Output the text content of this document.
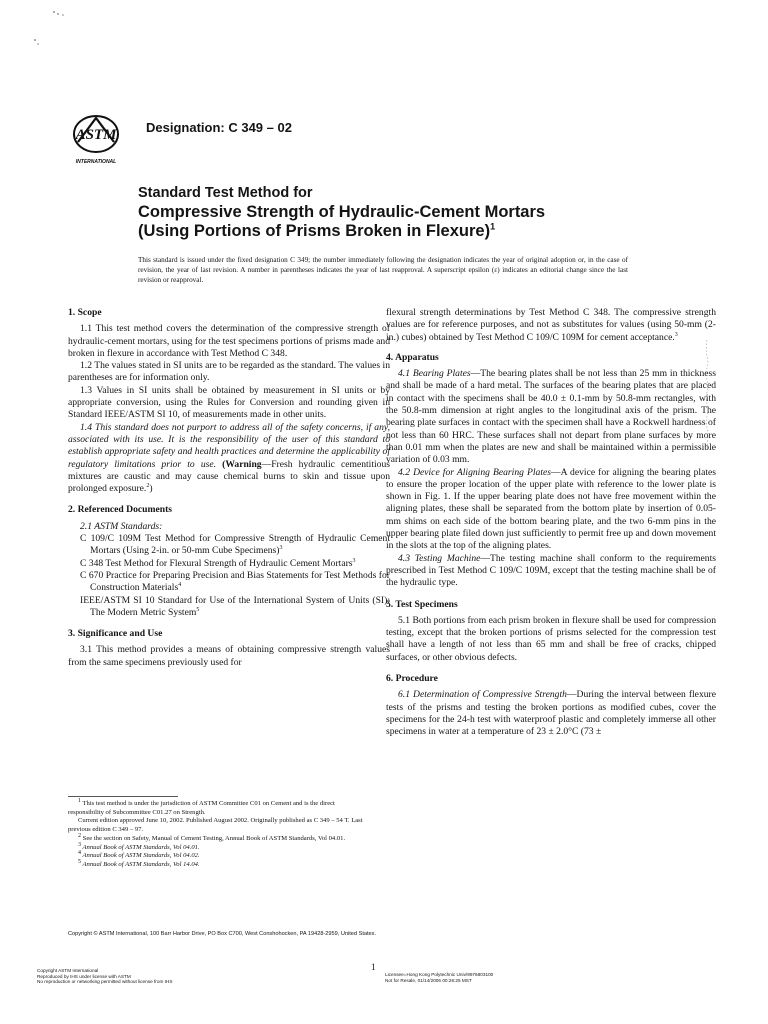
ASTM
INTERNATIONAL
Designation: C 349 – 02
Standard Test Method for
Compressive Strength of Hydraulic-Cement Mortars
(Using Portions of Prisms Broken in Flexure)$^1$
This standard is issued under the fixed designation C 349; the number immediately following the designation indicates the year of original adoption or, in the case of revision, the year of last revision. A number in parentheses indicates the year of last reapproval. A superscript epsilon (ε) indicates an editorial change since the last revision or reapproval.

1. Scope

1.1 This test method covers the determination of the compressive strength of hydraulic-cement mortars, using for the test specimens portions of prisms made and broken in flexure in accordance with Test Method C 348.

1.2 The values stated in SI units are to be regarded as the standard. The values in parentheses are for information only.

1.3 Values in SI units shall be obtained by measurement in SI units or by appropriate conversion, using the Rules for Conversion and rounding given in Standard IEEE/ASTM SI 10, of measurements made in other units.

1.4 This standard does not purport to address all of the safety concerns, if any, associated with its use. It is the responsibility of the user of this standard to establish appropriate safety and health practices and determine the applicability of regulatory limitations prior to use. (Warning—Fresh hydraulic cementitious mixtures are caustic and may cause chemical burns to skin and tissue upon prolonged exposure.$^2$)

2. Referenced Documents

2.1 ASTM Standards:

C 109/C 109M Test Method for Compressive Strength of Hydraulic Cement Mortars (Using 2-in. or 50-mm Cube Specimens)$^3$

C 348 Test Method for Flexural Strength of Hydraulic Cement Mortars$^3$

C 670 Practice for Preparing Precision and Bias Statements for Test Methods for Construction Materials$^4$

IEEE/ASTM SI 10 Standard for Use of the International System of Units (SI): The Modern Metric System$^5$

3. Significance and Use

3.1 This method provides a means of obtaining compressive strength values from the same specimens previously used for

flexural strength determinations by Test Method C 348. The compressive strength values are for reference purposes, and not as substitutes for values (using 50-mm (2-in.) cubes) obtained by Test Method C 109/C 109M for cement acceptance.$^3$

4. Apparatus

4.1 Bearing Plates—The bearing plates shall be not less than 25 mm in thickness and shall be made of a hard metal. The surfaces of the bearing plates that are placed in contact with the specimens shall be 40.0 ± 0.1-mm by 50.8-mm rectangles, with the 50.8-mm dimension at right angles to the longitudinal axis of the prism. The bearing plate surfaces in contact with the specimen shall have a Rockwell hardness of not less than 60 HRC. These surfaces shall not depart from plane surfaces by more than 0.01 mm when the plates are new and shall be maintained within a permissible variation of 0.03 mm.

4.2 Device for Aligning Bearing Plates—A device for aligning the bearing plates to ensure the proper location of the upper plate with reference to the lower plate is shown in Fig. 1. If the upper bearing plate does not have free movement within the aligning plates, these shall be separated from the bottom plate by insertion of 0.05-mm shims on each side of the bottom bearing plate, and the two 6-mm pins in the upper bearing plate filed down just sufficiently to permit free up and down movement in the slots at the top of the aligning plates.

4.3 Testing Machine—The testing machine shall conform to the requirements prescribed in Test Method C 109/C 109M, except that the testing machine shall be of the hydraulic type.

5. Test Specimens

5.1 Both portions from each prism broken in flexure shall be used for compression testing, except that the broken portions of prisms selected for the compression test shall have a length of not less than 65 mm and shall be free of cracks, chipped surfaces, or other obvious defects.

6. Procedure

6.1 Determination of Compressive Strength—During the interval between flexure tests of the prisms and testing the broken portions as modified cubes, cover the specimens for the 24-h test with waterproof plastic and completely immerse all other specimens in water at a temperature of 23 ± 2.0°C (73 ±

$^1$ This test method is under the jurisdiction of ASTM Committee C01 on Cement and is the direct responsibility of Subcommittee C01.27 on Strength.

Current edition approved June 10, 2002. Published August 2002. Originally published as C 349 – 54 T. Last previous edition C 349 – 97.

$^2$ See the section on Safety, Manual of Cement Testing, Annual Book of ASTM Standards, Vol 04.01.

$^3$ Annual Book of ASTM Standards, Vol 04.01.

$^4$ Annual Book of ASTM Standards, Vol 04.02.

$^5$ Annual Book of ASTM Standards, Vol 14.04.

Copyright © ASTM International, 100 Barr Harbor Drive, PO Box C700, West Conshohocken, PA 19428-2959, United States.
1
Copyright ASTM International
Reproduced by IHS under license with ASTM
No reproduction or networking permitted without license from IHS
Licensee=Hong Kong Polytechnic Univ/9976803100
Not for Resale, 01/14/2006 00:26:25 MST
